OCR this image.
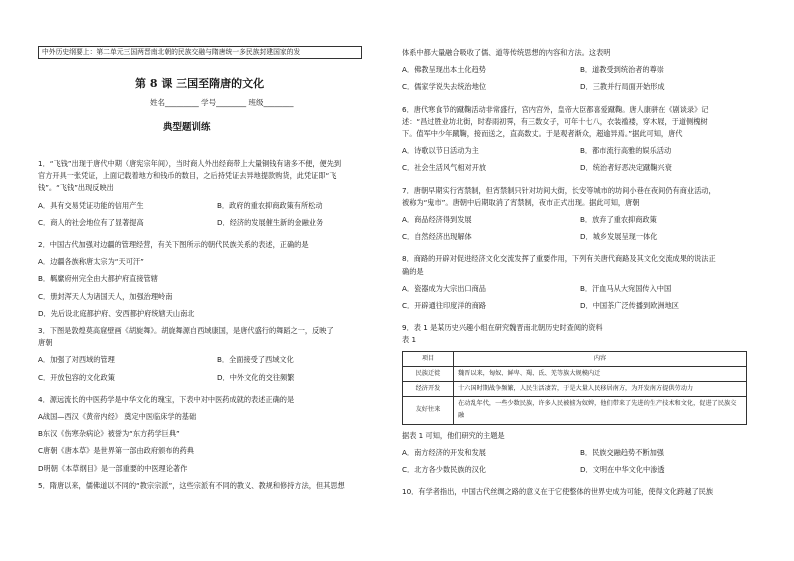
中外历史纲要上：第二单元三国两晋南北朝的民族交融与隋唐统一多民族封建国家的发
第 8 课 三国至隋唐的文化
姓名_________ 学号________ 班级________
典型题训练

1．“飞钱”出现于唐代中期（唐宪宗年间），当时商人外出经商带上大量铜钱有诸多不便，便先到

官方开具一张凭证，上面记载着地方和钱币的数目，之后持凭证去异地提款购货，此凭证即“飞

钱”。“飞钱”出现反映出

A．具有交易凭证功能的信用产生	B．政府的重农抑商政策有所松动
C．商人的社会地位有了显著提高	D．经济的发展催生新的金融业务

2．中国古代加强对边疆的管理经营，有关下图所示的朝代民族关系的表述，正确的是

A．边疆各族称唐太宗为“天可汗”
B．羁縻府州完全由大都护府直接管辖
C．册封浑天人为诸国天人，加强治理岭南
D．先后设北庭都护府、安西都护府统辖天山南北

3．下图是敦煌莫高窟壁画《胡旋舞》。胡旋舞源自西域康国，是唐代盛行的舞蹈之一，反映了

唐朝

A．加强了对西域的管理	B．全面接受了西域文化
C．开放包容的文化政策	D．中外文化的交往频繁

4．源远流长的中医药学是中华文化的瑰宝，下表中对中医药成就的表述正确的是

A战国—西汉《黄帝内经》 奠定中医临床学的基础
B东汉《伤寒杂病论》被誉为“东方药学巨典”
C唐朝《唐本草》是世界第一部由政府颁布的药典
D明朝《本草纲目》是一部重要的中医理论著作

5．隋唐以来，儒佛道以不同的“教宗宗派”，这些宗派有不同的教义、教规和修持方法，但其思想

体系中都大量融合吸收了儒、道等传统思想的内容和方法。这表明

A．佛教呈现出本土化趋势	B．道教受到统治者的尊崇
C．儒家学说失去统治地位	D．三教并行局面开始形成

6．唐代寒食节的蹴鞠活动非常盛行，宫内宫外，皇帝大臣都喜爱蹴鞠。唐人康骈在《剧谈录》记

述：“昌过胜业坊北街，时春雨初霁，有三数女子，可年十七八，衣装褴褛，穿木屐，于道侧槐树

下。值军中少年蹴鞠，接而送之，直高数丈。于是观者渐众，超逾异焉。”据此可知，唐代

A．诗歌以节日活动为主	B．都市流行高雅的娱乐活动
C．社会生活风气相对开放	D．统治者好恶决定蹴鞠兴衰

7．唐朝早期实行宵禁制，但宵禁制只针对坊间大街，长安等城市的坊间小巷在夜间仍有商业活动，

被称为“鬼市”。唐朝中后期取消了宵禁制，夜市正式出现。据此可知，唐朝

A．商品经济得到发展	B．放弃了重农抑商政策
C．自然经济出现解体	D．城乡发展呈现一体化

8．商路的开辟对促进经济文化交流发挥了重要作用，下列有关唐代商路及其文化交流成果的说法正

确的是

A．瓷器成为大宗出口商品	B．汗血马从大宛国传入中国
C．开辟通往印度洋的商路	D．中国茶广泛传播到欧洲地区

9．表 1 是某历史兴趣小组在研究魏晋南北朝历史时查阅的资料

表 1

项目	内容
民族迁徙	魏晋以来，匈奴、鲜卑、羯、氐、羌等族大规模内迁
经济开发	十六国时期战争频繁，人民生活凄苦，于是大量人民移居南方，为开发南方提供劳动力
友好往来	在动乱年代，一些少数民族，许多人民被掳为奴婢，他们带来了先进的生产技术和文化，促进了民族交融

据表 1 可知，他们研究的主题是

A．南方经济的开发和发展	B．民族交融趋势不断加强
C．北方各少数民族的汉化	D．文明在中华文化中渗透

10．有学者指出，中国古代丝绸之路的意义在于它使整体的世界史成为可能，使得文化跨越了民族
